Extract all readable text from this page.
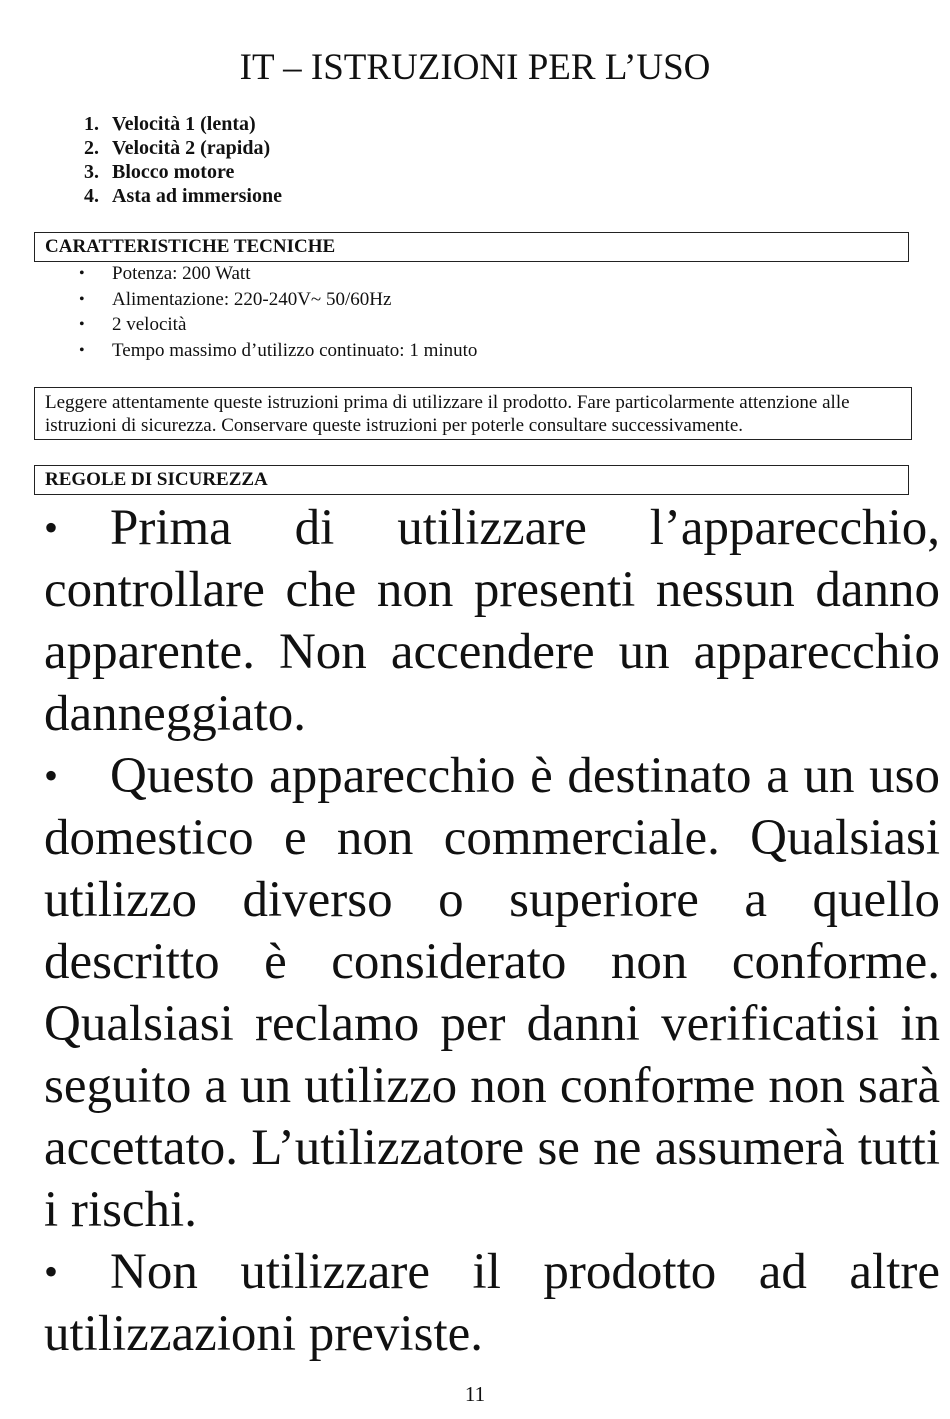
IT – ISTRUZIONI PER L’USO
1. Velocità 1 (lenta)
2. Velocità 2 (rapida)
3. Blocco motore
4. Asta ad immersione
CARATTERISTICHE TECNICHE
•	Potenza: 200 Watt
•	Alimentazione: 220-240V~ 50/60Hz
•	2 velocità
•	Tempo massimo d’utilizzo continuato: 1 minuto
Leggere attentamente queste istruzioni prima di utilizzare il prodotto. Fare particolarmente attenzione alle istruzioni di sicurezza. Conservare queste istruzioni per poterle consultare successivamente.
REGOLE DI SICUREZZA

• Prima di utilizzare l’apparecchio, controllare che non presenti nessun danno apparente. Non accendere un apparecchio danneggiato.

• Questo apparecchio è destinato a un uso domestico e non commerciale. Qualsiasi utilizzo diverso o superiore a quello descritto è considerato non conforme. Qualsiasi reclamo per danni verificatisi in seguito a un utilizzo non conforme non sarà accettato. L’utilizzatore se ne assumerà tutti i rischi.

• Non utilizzare il prodotto ad altre utilizzazioni previste.

11
